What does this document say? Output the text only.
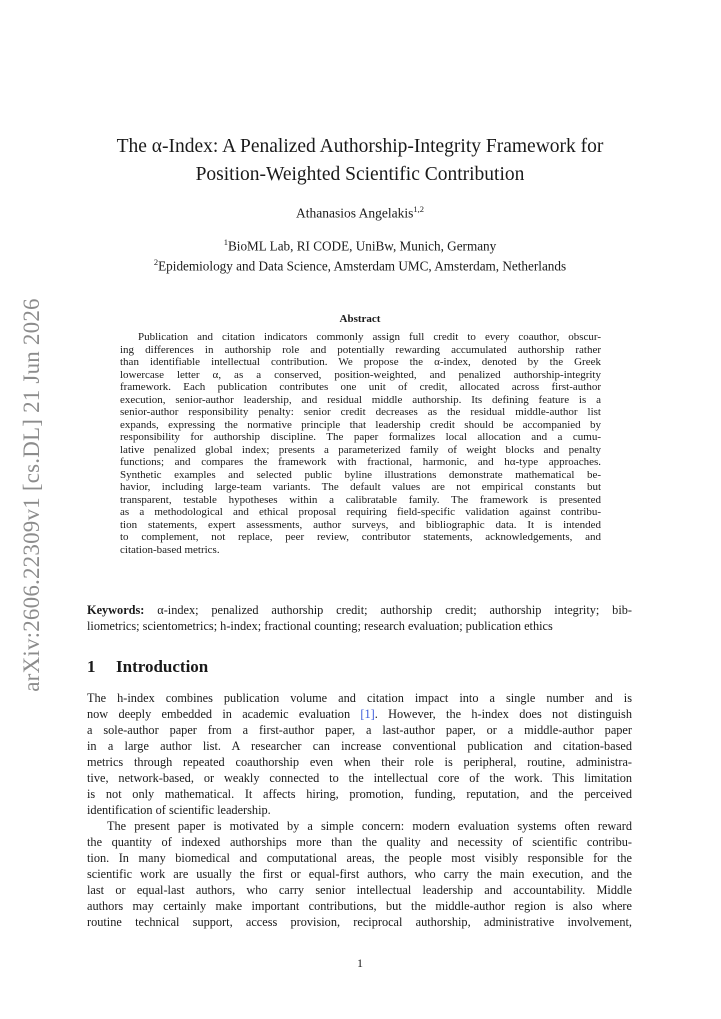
arXiv:2606.22309v1 [cs.DL] 21 Jun 2026
The α-Index: A Penalized Authorship-Integrity Framework for
Position-Weighted Scientific Contribution
Athanasios Angelakis$^{1,2}$
$^1$BioML Lab, RI CODE, UniBw, Munich, Germany
$^2$Epidemiology and Data Science, Amsterdam UMC, Amsterdam, Netherlands
Abstract
Publication and citation indicators commonly assign full credit to every coauthor, obscur-
ing differences in authorship role and potentially rewarding accumulated authorship rather
than identifiable intellectual contribution. We propose the α-index, denoted by the Greek
lowercase letter α, as a conserved, position-weighted, and penalized authorship-integrity
framework. Each publication contributes one unit of credit, allocated across first-author
execution, senior-author leadership, and residual middle authorship. Its defining feature is a
senior-author responsibility penalty: senior credit decreases as the residual middle-author list
expands, expressing the normative principle that leadership credit should be accompanied by
responsibility for authorship discipline. The paper formalizes local allocation and a cumu-
lative penalized global index; presents a parameterized family of weight blocks and penalty
functions; and compares the framework with fractional, harmonic, and hα-type approaches.
Synthetic examples and selected public byline illustrations demonstrate mathematical be-
havior, including large-team variants. The default values are not empirical constants but
transparent, testable hypotheses within a calibratable family. The framework is presented
as a methodological and ethical proposal requiring field-specific validation against contribu-
tion statements, expert assessments, author surveys, and bibliographic data. It is intended
to complement, not replace, peer review, contributor statements, acknowledgements, and
citation-based metrics.
Keywords: α-index; penalized authorship credit; authorship credit; authorship integrity; bib-
liometrics; scientometrics; h-index; fractional counting; research evaluation; publication ethics
1 Introduction
The h-index combines publication volume and citation impact into a single number and is
now deeply embedded in academic evaluation [1]. However, the h-index does not distinguish
a sole-author paper from a first-author paper, a last-author paper, or a middle-author paper
in a large author list. A researcher can increase conventional publication and citation-based
metrics through repeated coauthorship even when their role is peripheral, routine, administra-
tive, network-based, or weakly connected to the intellectual core of the work. This limitation
is not only mathematical. It affects hiring, promotion, funding, reputation, and the perceived
identification of scientific leadership.
The present paper is motivated by a simple concern: modern evaluation systems often reward
the quantity of indexed authorships more than the quality and necessity of scientific contribu-
tion. In many biomedical and computational areas, the people most visibly responsible for the
scientific work are usually the first or equal-first authors, who carry the main execution, and the
last or equal-last authors, who carry senior intellectual leadership and accountability. Middle
authors may certainly make important contributions, but the middle-author region is also where
routine technical support, access provision, reciprocal authorship, administrative involvement,
1
